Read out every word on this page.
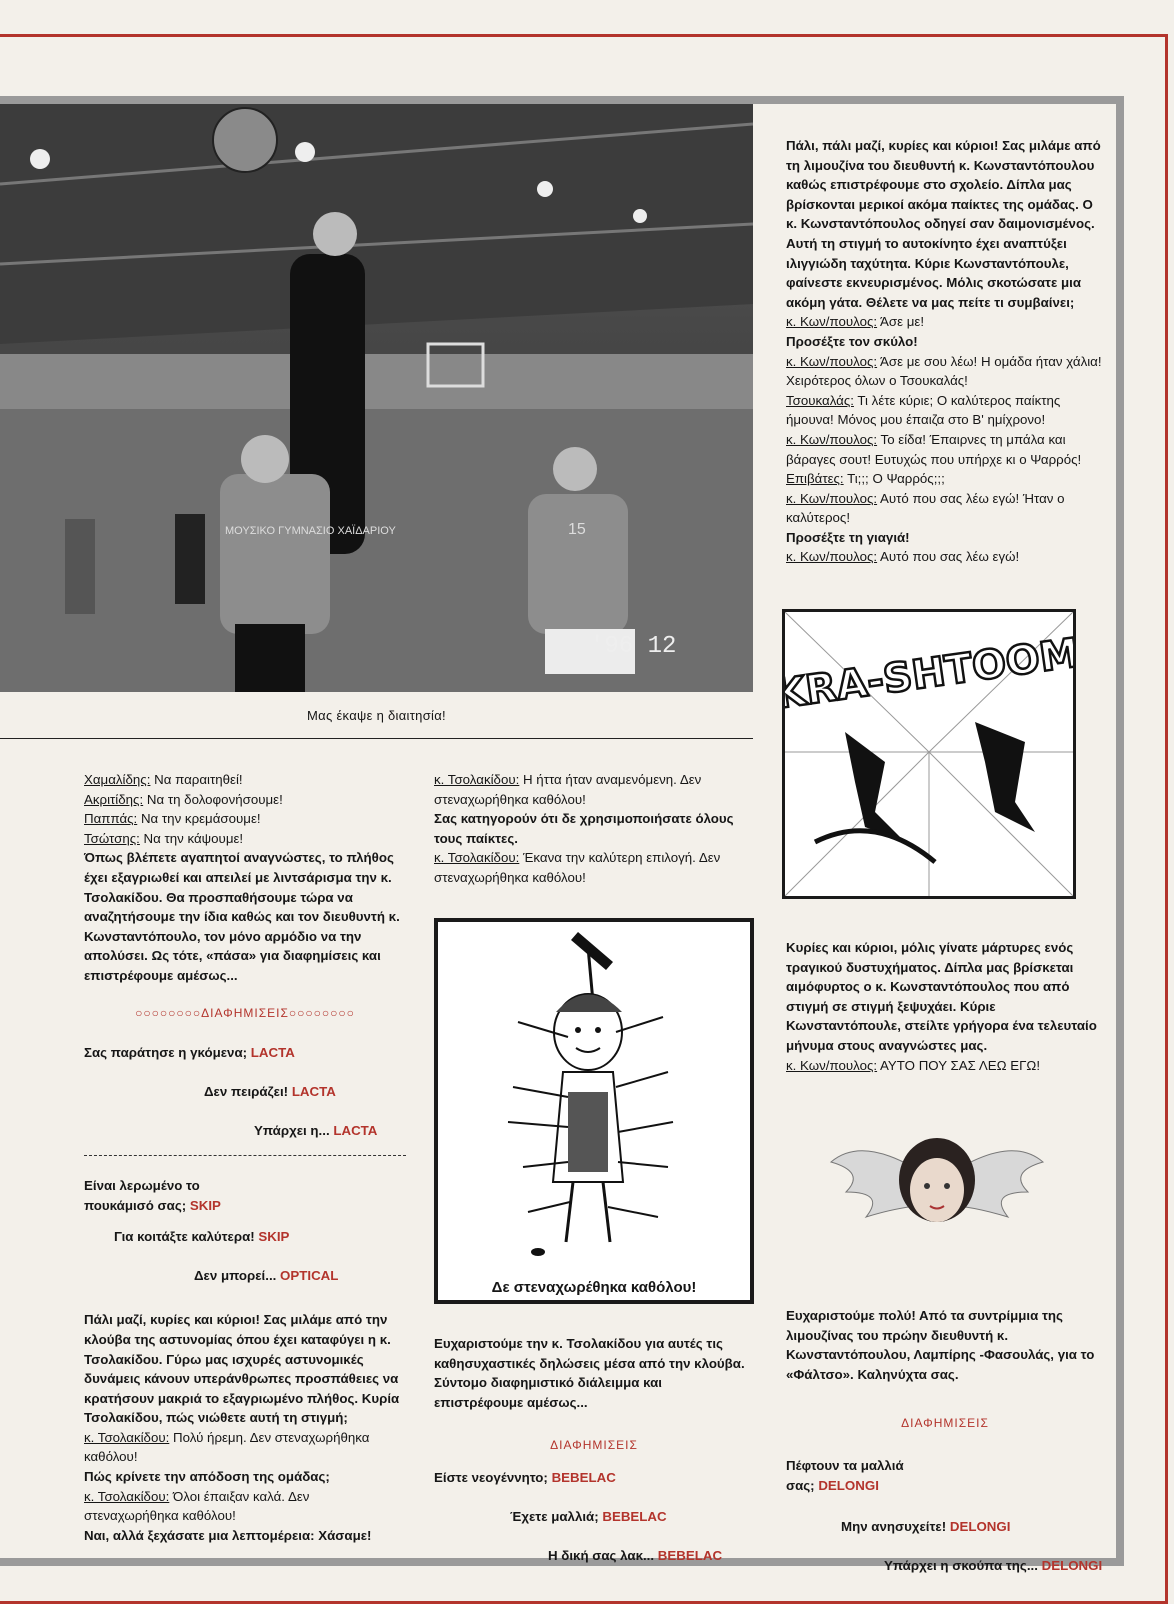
ΜΟΥΣΙΚΟ ΓΥΜΝΑΣΙΟ ΧΑΪΔΑΡΙΟΥ	15
'96 12
Μας έκαψε η διαιτησία!

Πάλι, πάλι μαζί, κυρίες και κύριοι! Σας μιλάμε από τη λιμουζίνα του διευθυντή κ. Κωνσταντόπουλου καθώς επιστρέφουμε στο σχολείο. Δίπλα μας βρίσκονται μερικοί ακόμα παίκτες της ομάδας. Ο κ. Κωνσταντόπουλος οδηγεί σαν δαιμονισμένος. Αυτή τη στιγμή το αυτοκίνητο έχει αναπτύξει ιλιγγιώδη ταχύτητα. Κύριε Κωνσταντόπουλε, φαίνεστε εκνευρισμένος. Μόλις σκοτώσατε μια ακόμη γάτα. Θέλετε να μας πείτε τι συμβαίνει;

κ. Κων/πουλος: Άσε με!

Προσέξτε τον σκύλο!

κ. Κων/πουλος: Άσε με σου λέω! Η ομάδα ήταν χάλια! Χειρότερος όλων ο Τσουκαλάς!

Τσουκαλάς: Τι λέτε κύριε; Ο καλύτερος παίκτης ήμουνα! Μόνος μου έπαιζα στο Β' ημίχρονο!

κ. Κων/πουλος: Το είδα! Έπαιρνες τη μπάλα και βάραγες σουτ! Ευτυχώς που υπήρχε κι ο Ψαρρός!

Επιβάτες: Τι;;; Ο Ψαρρός;;;

κ. Κων/πουλος: Αυτό που σας λέω εγώ! Ήταν ο καλύτερος!

Προσέξτε τη γιαγιά!

κ. Κων/πουλος: Αυτό που σας λέω εγώ!

KRA-SHTOOM

Κυρίες και κύριοι, μόλις γίνατε μάρτυρες ενός τραγικού δυστυχήματος. Δίπλα μας βρίσκεται αιμόφυρτος ο κ. Κωνσταντόπουλος που από στιγμή σε στιγμή ξεψυχάει. Κύριε Κωνσταντόπουλε, στείλτε γρήγορα ένα τελευταίο μήνυμα στους αναγνώστες μας.

κ. Κων/πουλος: ΑΥΤΟ ΠΟΥ ΣΑΣ ΛΕΩ ΕΓΩ!

Ευχαριστούμε πολύ! Από τα συντρίμμια της λιμουζίνας του πρώην διευθυντή κ. Κωνσταντόπουλου, Λαμπίρης -Φασουλάς, για το «Φάλτσο». Καληνύχτα σας.

ΔΙΑΦΗΜΙΣΕΙΣ

Πέφτουν τα μαλλιά σας; DELONGI

Μην ανησυχείτε! DELONGI

Υπάρχει η σκούπα της... DELONGI

Χαμαλίδης: Να παραιτηθεί!

Ακριτίδης: Να τη δολοφονήσουμε!

Παππάς: Να την κρεμάσουμε!

Τσώτσης: Να την κάψουμε!

Όπως βλέπετε αγαπητοί αναγνώστες, το πλήθος έχει εξαγριωθεί και απειλεί με λιντσάρισμα την κ. Τσολακίδου. Θα προσπαθήσουμε τώρα να αναζητήσουμε την ίδια καθώς και τον διευθυντή κ. Κωνσταντόπουλο, τον μόνο αρμόδιο να την απολύσει. Ως τότε, «πάσα» για διαφημίσεις και επιστρέφουμε αμέσως...

○○○○○○○○ΔΙΑΦΗΜΙΣΕΙΣ○○○○○○○○

Σας παράτησε η γκόμενα; LACTA

Δεν πειράζει! LACTA

Υπάρχει η... LACTA

Είναι λερωμένο το πουκάμισό σας; SKIP

Για κοιτάξτε καλύτερα! SKIP

Δεν μπορεί... OPTICAL

Πάλι μαζί, κυρίες και κύριοι! Σας μιλάμε από την κλούβα της αστυνομίας όπου έχει καταφύγει η κ. Τσολακίδου. Γύρω μας ισχυρές αστυνομικές δυνάμεις κάνουν υπεράνθρωπες προσπάθειες να κρατήσουν μακριά το εξαγριωμένο πλήθος. Κυρία Τσολακίδου, πώς νιώθετε αυτή τη στιγμή;

κ. Τσολακίδου: Πολύ ήρεμη. Δεν στεναχωρήθηκα καθόλου!

Πώς κρίνετε την απόδοση της ομάδας;

κ. Τσολακίδου: Όλοι έπαιξαν καλά. Δεν στεναχωρήθηκα καθόλου!

Ναι, αλλά ξεχάσατε μια λεπτομέρεια: Χάσαμε!

κ. Τσολακίδου: Η ήττα ήταν αναμενόμενη. Δεν στεναχωρήθηκα καθόλου!

Σας κατηγορούν ότι δε χρησιμοποιήσατε όλους τους παίκτες.

κ. Τσολακίδου: Έκανα την καλύτερη επιλογή. Δεν στεναχωρήθηκα καθόλου!

Δε στεναχωρέθηκα καθόλου!

Ευχαριστούμε την κ. Τσολακίδου για αυτές τις καθησυχαστικές δηλώσεις μέσα από την κλούβα. Σύντομο διαφημιστικό διάλειμμα και επιστρέφουμε αμέσως...

ΔΙΑΦΗΜΙΣΕΙΣ

Είστε νεογέννητο; BEBELAC

Έχετε μαλλιά; BEBELAC

Η δική σας λακ... BEBELAC
